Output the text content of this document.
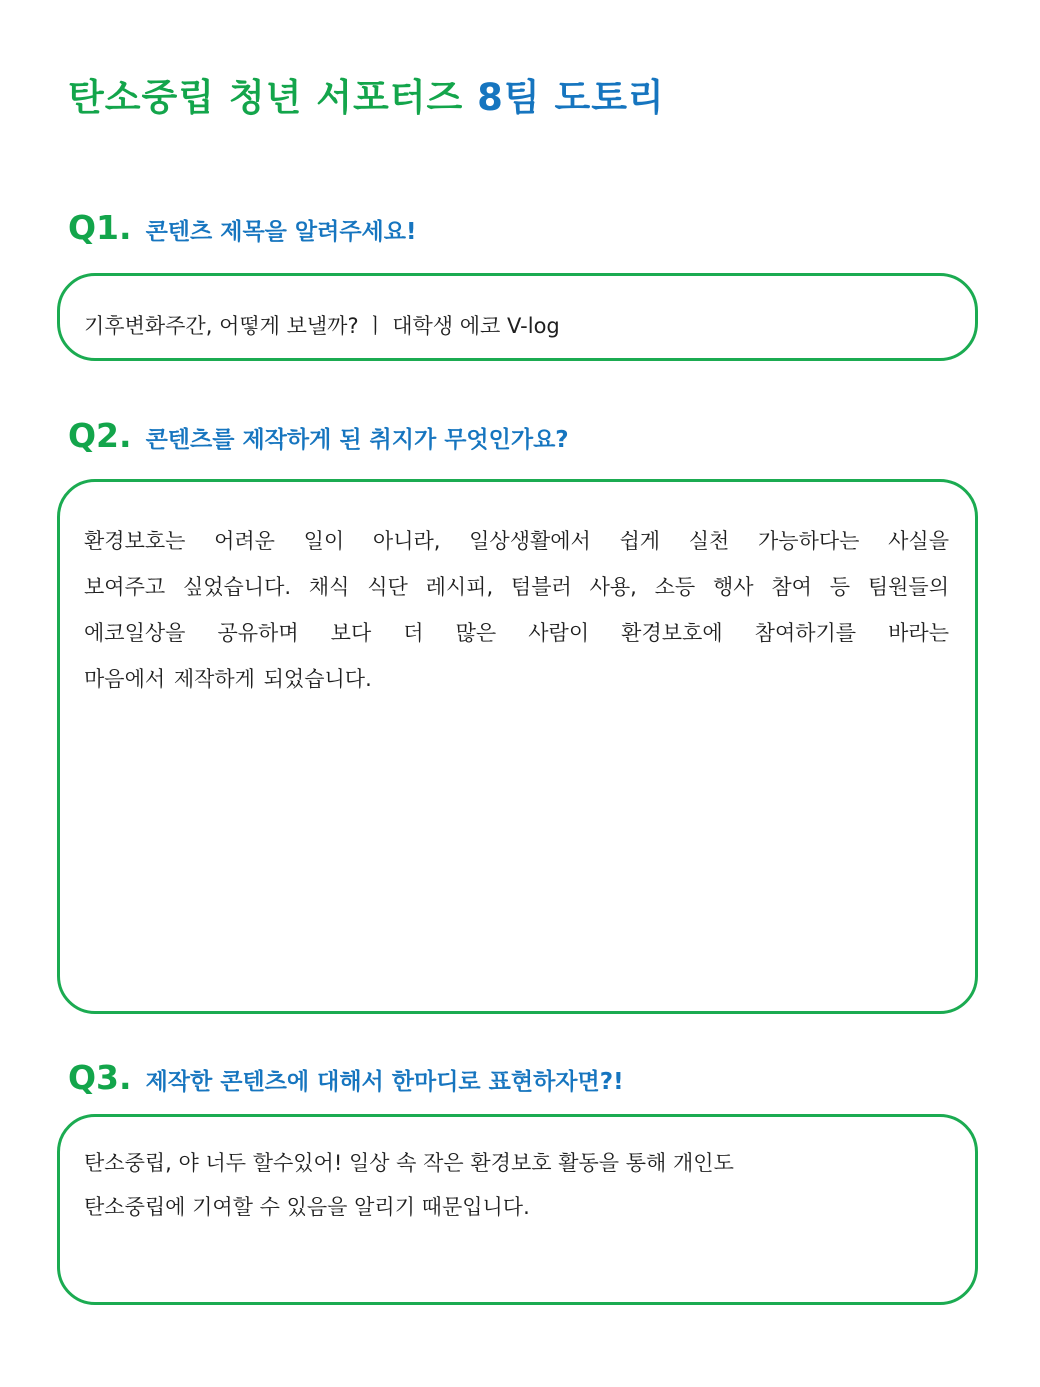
탄소중립 청년 서포터즈 8팀 도토리
Q1. 콘텐츠 제목을 알려주세요!

기후변화주간, 어떻게 보낼까? ㅣ 대학생 에코 V-log

Q2. 콘텐츠를 제작하게 된 취지가 무엇인가요?

환경보호는 어려운 일이 아니라, 일상생활에서 쉽게 실천 가능하다는 사실을

보여주고 싶었습니다. 채식 식단 레시피, 텀블러 사용, 소등 행사 참여 등 팀원들의

에코일상을 공유하며 보다 더 많은 사람이 환경보호에 참여하기를 바라는

마음에서 제작하게 되었습니다.

Q3. 제작한 콘텐츠에 대해서 한마디로 표현하자면?!

탄소중립, 야 너두 할수있어! 일상 속 작은 환경보호 활동을 통해 개인도

탄소중립에 기여할 수 있음을 알리기 때문입니다.
